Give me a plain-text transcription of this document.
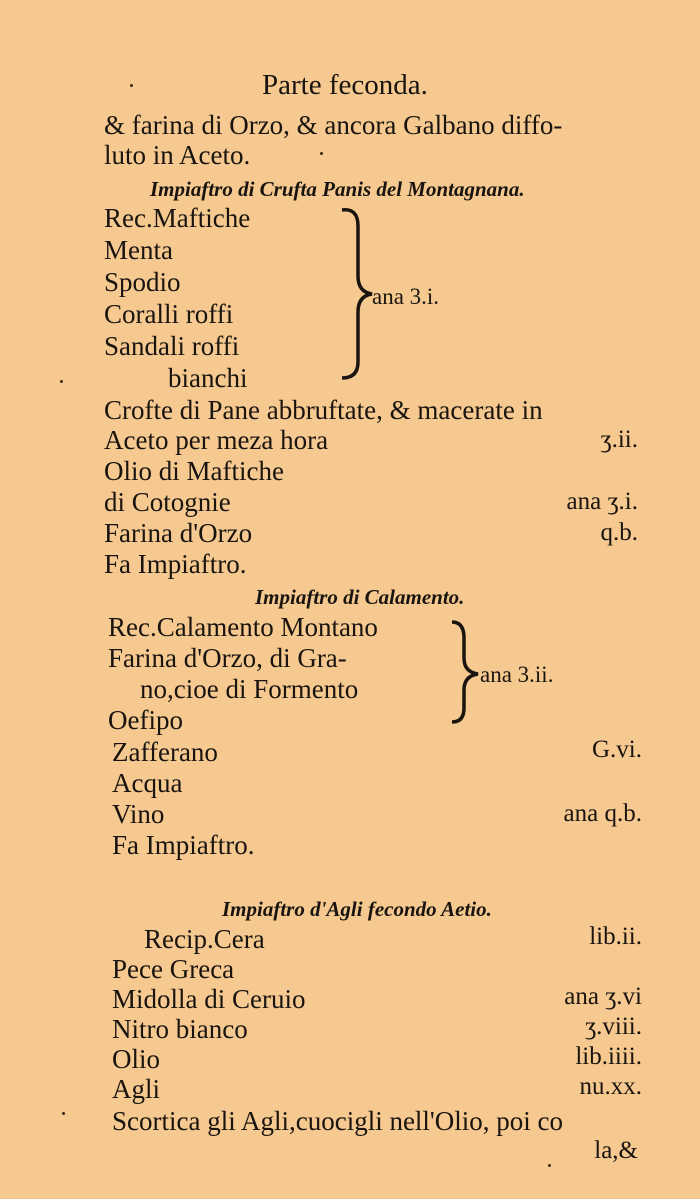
Parte feconda.
& farina di Orzo, & ancora Galbano diffo-
luto in Aceto.
Impiaftro di Crufta Panis del Montagnana.
Rec.Maftiche
Menta
Spodio
Coralli roffi
Sandali roffi
bianchi
ana 3.i.
Crofte di Pane abbruftate, & macerate in
Aceto per meza hora	ʒ.ii.
Olio di Maftiche
di Cotognie	ana ʒ.i.
Farina d'Orzo	q.b.
Fa Impiaftro.
Impiaftro di Calamento.
Rec.Calamento Montano
Farina d'Orzo, di Gra-
no,cioe di Formento
Oefipo
ana 3.ii.
Zafferano	G.vi.
Acqua
Vino	ana q.b.
Fa Impiaftro.
Impiaftro d'Agli fecondo Aetio.
Recip.Cera	lib.ii.
Pece Greca
Midolla di Ceruio	ana ʒ.vi
Nitro bianco	ʒ.viii.
Olio	lib.iiii.
Agli	nu.xx.
Scortica gli Agli,cuocigli nell'Olio, poi co
la,&
